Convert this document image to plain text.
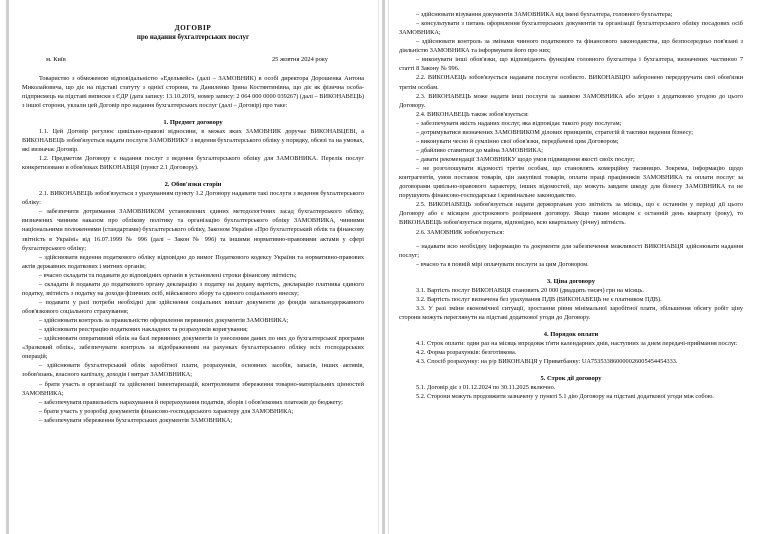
ДОГОВІР
про надання бухгалтерських послуг
м. Київ	25 жовтня 2024 року

Товариство з обмеженою відповідальністю «Едельвейс» (далі – ЗАМОВНИК) в особі директора Дорошенка Антона Миколайовича, що діє на підставі статуту з однієї сторони, та Даниленко Ірина Костянтинівна, що діє як фізична особа-підприємець на підставі виписки з ЄДР (дата запису: 13.10.2019, номер запису: 2 064 000 0000 039267) (далі – ВИКОНАВЕЦЬ) з іншої сторони, уклали цей Договір про надання бухгалтерських послуг (далі – Договір) про таке:

1. Предмет договору

1.1. Цей Договір регулює цивільно-правові відносини, в межах яких ЗАМОВНИК доручає ВИКОНАВЦЕВІ, а ВИКОНАВЕЦЬ зобов'язується надати послуги ЗАМОВНИКУ з ведення бухгалтерського обліку у порядку, обсязі та на умовах, які визначає Договір.

1.2. Предметом Договору є надання послуг з ведення бухгалтерського обліку для ЗАМОВНИКА. Перелік послуг конкретизовано в обов'язках ВИКОНАВЦЯ (пункт 2.1 Договору).

2. Обов'язки сторін

2.1. ВИКОНАВЕЦЬ зобов'язується з урахуванням пункту 1.2 Договору надавати такі послуги з ведення бухгалтерського обліку:

– забезпечити дотримання ЗАМОВНИКОМ установлених єдиних методологічних засад бухгалтерського обліку, визначених чинним наказом про облікову політику та організацію бухгалтерського обліку ЗАМОВНИКА, чинними національними положеннями (стандартами) бухгалтерського обліку, Законом України «Про бухгалтерський облік та фінансову звітність в Україні» від 16.07.1999 № 996 (далі – Закон № 996) та іншими нормативно-правовими актами у сфері бухгалтерського обліку;
– здійснювати ведення податкового обліку відповідно до вимог Податкового кодексу України та нормативно-правових актів державних податкових і митних органів;
– вчасно складати та подавати до відповідних органів в установлені строки фінансову звітність;
– складати й подавати до податкового органу декларацію з податку на додану вартість, декларацію платника єдиного податку, звітність з податку на доходи фізичних осіб, військового збору та єдиного соціального внеску;
– подавати у разі потреби необхідні для здійснення соціальних виплат документи до фондів загальнодержавного обов'язкового соціального страхування;
– здійснювати контроль за правильністю оформлення первинних документів ЗАМОВНИКА;
– здійснювати реєстрацію податкових накладних та розрахунків коригування;
– здійснювати оперативний облік на базі первинних документів із унесенням даних по них до бухгалтерської програми «Зразковий облік», забезпечувати контроль за відображенням на рахунках бухгалтерського обліку всіх господарських операцій;
– здійснювати бухгалтерський облік заробітної плати, розрахунків, основних засобів, запасів, інших активів, зобов'язань, власного капіталу, доходів і витрат ЗАМОВНИКА;
– брати участь в організації та здійсненні інвентаризацій, контролювати збереження товарно-матеріальних цінностей ЗАМОВНИКА;
– забезпечувати правильність нарахування й перерахування податків, зборів і обов'язкових платежів до бюджету;
– брати участь у розробці документів фінансово-господарського характеру для ЗАМОВНИКА;
– забезпечувати збереження бухгалтерських документів ЗАМОВНИКА;
– здійснювати візування документів ЗАМОВНИКА від імені бухгалтера, головного бухгалтера;
– консультувати з питань оформлення бухгалтерських документів та організації бухгалтерського обліку посадових осіб ЗАМОВНИКА;
– здійснювати контроль за змінами чинного податкового та фінансового законодавства, що безпосередньо пов'язані з діяльністю ЗАМОВНИКА та інформувати його про них;
– виконувати інші обов'язки, що відповідають функціям головного бухгалтера і бухгалтера, визначених частиною 7 статті 8 Закону № 996.

2.2. ВИКОНАЕЦЬ зобов'язується надавати послуги особисто. ВИКОНАВЦЮ заборонено передоручати свої обов'язки третім особам.

2.3. ВИКОНАВЕЦЬ може надати інші послуги за заявкою ЗАМОВНИКА або згідно з додатковою угодою до цього Договору.

2.4. ВИКОНАВЕЦЬ також зобов'язується:

– забезпечувати якість наданих послуг, яка відповідає такого роду послугам;
– дотримуватися визначених ЗАМОВНИКОМ ділових принципів, стратегій й тактики ведення бізнесу;
– виконувати чесно й сумлінно свої обов'язки, передбачені цим Договором;
– дбайливо ставитися до майна ЗАМОВНИКА;
– давати рекомендації ЗАМОВНИКУ щодо умов підвищення якості своїх послуг;
– не розголошувати відомості третім особам, що становлять комерційну таємницю. Зокрема, інформацію щодо контрагентів, умов поставок товарів, цін закупівлі товарів, оплати праці працівників ЗАМОВНИКА та оплати послуг за договорами цивільно-правового характеру, інших відомостей, що можуть завдати шкоду для бізнесу ЗАМОВНИКА та не порушують фінансово-господарське і кримінальне законодавство.

2.5. ВИКОНАВЕЦЬ зобов'язується надати держорганам усю звітність за місяць, що є останнім у періоді дії цього Договору або є місяцем дострокового розірвання договору. Якщо таким місяцем є останній день кварталу (року), то ВИКОНАВЕЦЬ зобов'язується подати, відповідно, всю квартальну (річну) звітність.

2.6. ЗАМОВНИК зобов'язується:

– надавати всю необхідну інформацію та документи для забезпечення можливості ВИКОНАВЦЯ здійснювати надання послуг;
– вчасно та в повній мірі оплачувати послуги за цим Договором.
3. Ціна договору

3.1. Вартість послуг ВИКОНАВЦЯ становить 20 000 (двадцять тисяч) грн на місяць.

3.2. Вартість послуг визначена без урахування ПДВ (ВИКОНАВЕЦЬ не є платником ПДВ).

3.3. У разі зміни економічної ситуації, зростання рівня мінімальної заробітної плати, збільшення обсягу робіт ціну сторони можуть переглянути на підставі додаткової угоди до Договору.

4. Порядок оплати

4.1. Строк оплати: один раз на місяць впродовж п'яти календарних днів, наступних за днем передачі-приймання послуг.

4.2. Форма розрахунків: безготівкова.

4.3. Спосіб розрахунку: на р/р ВИКОНАВЦЯ у Приватбанку: UA753533860000026005454454333.

5. Строк дії договору

5.1. Договір діє з 01.12.2024 по 30.11.2025 включно.

5.2. Сторони можуть продовжити зазначену у пункті 5.1 дію Договору на підставі додаткової угоди між собою.
